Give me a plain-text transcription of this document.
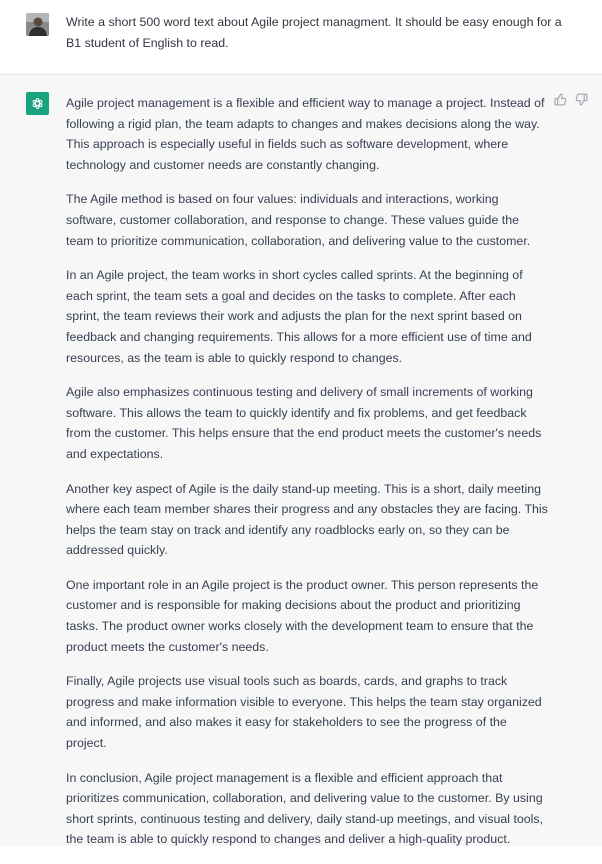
Write a short 500 word text about Agile project managment. It should be easy enough for a B1 student of English to read.

Agile project management is a flexible and efficient way to manage a project. Instead of following a rigid plan, the team adapts to changes and makes decisions along the way. This approach is especially useful in fields such as software development, where technology and customer needs are constantly changing.

The Agile method is based on four values: individuals and interactions, working software, customer collaboration, and response to change. These values guide the team to prioritize communication, collaboration, and delivering value to the customer.

In an Agile project, the team works in short cycles called sprints. At the beginning of each sprint, the team sets a goal and decides on the tasks to complete. After each sprint, the team reviews their work and adjusts the plan for the next sprint based on feedback and changing requirements. This allows for a more efficient use of time and resources, as the team is able to quickly respond to changes.

Agile also emphasizes continuous testing and delivery of small increments of working software. This allows the team to quickly identify and fix problems, and get feedback from the customer. This helps ensure that the end product meets the customer's needs and expectations.

Another key aspect of Agile is the daily stand-up meeting. This is a short, daily meeting where each team member shares their progress and any obstacles they are facing. This helps the team stay on track and identify any roadblocks early on, so they can be addressed quickly.

One important role in an Agile project is the product owner. This person represents the customer and is responsible for making decisions about the product and prioritizing tasks. The product owner works closely with the development team to ensure that the product meets the customer's needs.

Finally, Agile projects use visual tools such as boards, cards, and graphs to track progress and make information visible to everyone. This helps the team stay organized and informed, and also makes it easy for stakeholders to see the progress of the project.

In conclusion, Agile project management is a flexible and efficient approach that prioritizes communication, collaboration, and delivering value to the customer. By using short sprints, continuous testing and delivery, daily stand-up meetings, and visual tools, the team is able to quickly respond to changes and deliver a high-quality product.
